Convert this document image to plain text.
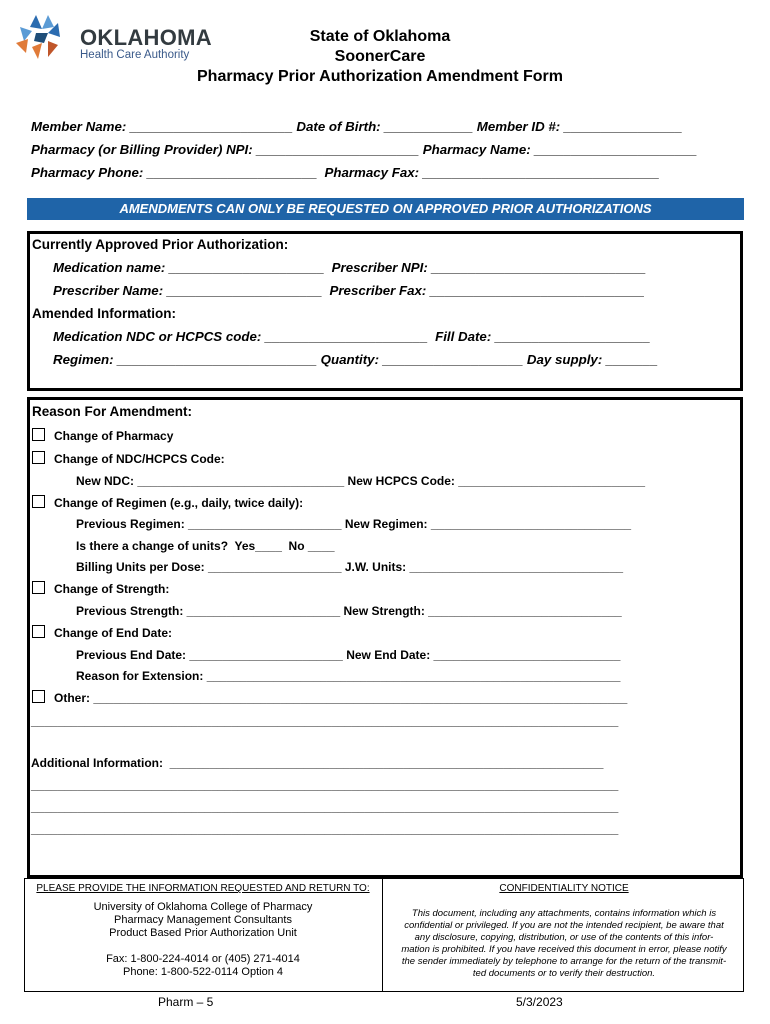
OKLAHOMA
Health Care Authority
State of Oklahoma
SoonerCare
Pharmacy Prior Authorization Amendment Form
Member Name: ______________________ Date of Birth: ____________ Member ID #: ________________
Pharmacy (or Billing Provider) NPI: ______________________ Pharmacy Name: ______________________
Pharmacy Phone: _______________________  Pharmacy Fax: ________________________________
AMENDMENTS CAN ONLY BE REQUESTED ON APPROVED PRIOR AUTHORIZATIONS
Currently Approved Prior Authorization:
Medication name: _____________________  Prescriber NPI: _____________________________
Prescriber Name: _____________________  Prescriber Fax: _____________________________
Amended Information:
Medication NDC or HCPCS code: ______________________  Fill Date: _____________________
Regimen: ___________________________ Quantity: ___________________ Day supply: _______
Reason For Amendment:
Change of Pharmacy
Change of NDC/HCPCS Code:
New NDC: _______________________________ New HCPCS Code: ____________________________
Change of Regimen (e.g., daily, twice daily):
Previous Regimen: _______________________ New Regimen: ______________________________
Is there a change of units?  Yes____  No ____
Billing Units per Dose: ____________________ J.W. Units: ________________________________
Change of Strength:
Previous Strength: _______________________ New Strength: _____________________________
Change of End Date:
Previous End Date: _______________________ New End Date: ____________________________
Reason for Extension: ______________________________________________________________
Other: ________________________________________________________________________________
________________________________________________________________________________________
Additional Information:  _________________________________________________________________
________________________________________________________________________________________
________________________________________________________________________________________
________________________________________________________________________________________
PLEASE PROVIDE THE INFORMATION REQUESTED AND RETURN TO:
University of Oklahoma College of Pharmacy
Pharmacy Management Consultants
Product Based Prior Authorization Unit
Fax: 1-800-224-4014 or (405) 271-4014
Phone: 1-800-522-0114 Option 4
CONFIDENTIALITY NOTICE
This document, including any attachments, contains information which is
confidential or privileged. If you are not the intended recipient, be aware that
any disclosure, copying, distribution, or use of the contents of this infor-
mation is prohibited. If you have received this document in error, please notify
the sender immediately by telephone to arrange for the return of the transmit-
ted documents or to verify their destruction.
Pharm – 5	5/3/2023
